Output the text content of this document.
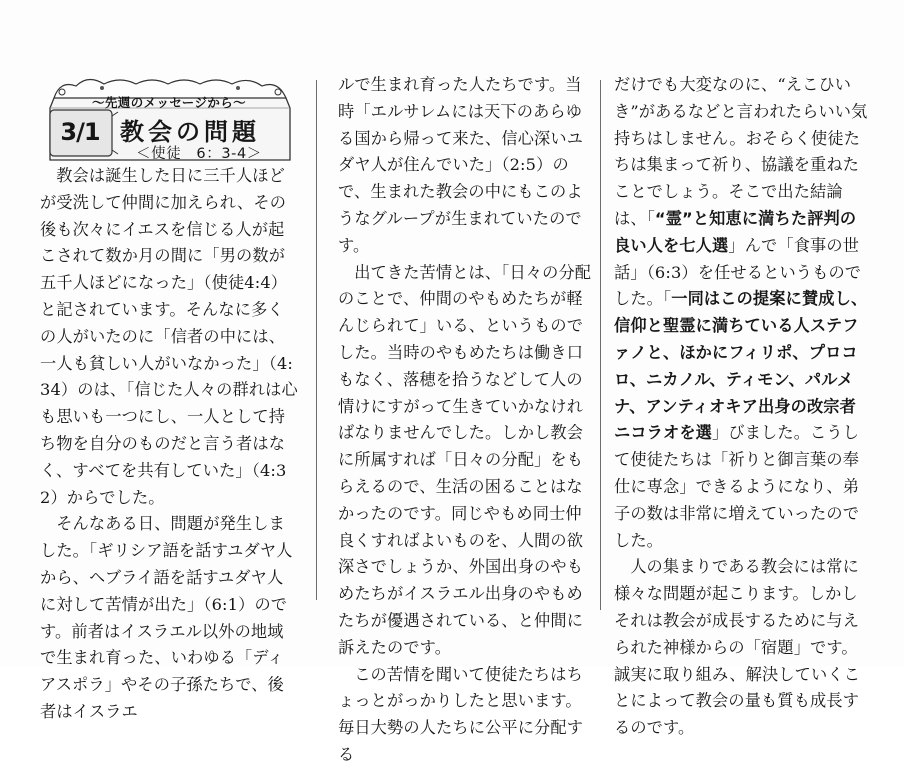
〜先週のメッセージから〜
3/1 教会の問題
＜使徒　6：3‐4＞

教会は誕生した日に三千人ほどが受洗して仲間に加えられ、その後も次々にイエスを信じる人が起こされて数か月の間に「男の数が五千人ほどになった」（使徒4:4）と記されています。そんなに多くの人がいたのに「信者の中には、一人も貧しい人がいなかった」（4:34）のは、「信じた人々の群れは心も思いも一つにし、一人として持ち物を自分のものだと言う者はなく、すべてを共有していた」（4:32）からでした。

そんなある日、問題が発生しました。「ギリシア語を話すユダヤ人から、ヘブライ語を話すユダヤ人に対して苦情が出た」（6:1）のです。前者はイスラエル以外の地域で生まれ育った、いわゆる「ディアスポラ」やその子孫たちで、後者はイスラエ

ルで生まれ育った人たちです。当時「エルサレムには天下のあらゆる国から帰って来た、信心深いユダヤ人が住んでいた」（2:5）ので、生まれた教会の中にもこのようなグループが生まれていたのです。

出てきた苦情とは、「日々の分配のことで、仲間のやもめたちが軽んじられて」いる、というものでした。当時のやもめたちは働き口もなく、落穂を拾うなどして人の情けにすがって生きていかなければなりませんでした。しかし教会に所属すれば「日々の分配」をもらえるので、生活の困ることはなかったのです。同じやもめ同士仲良くすればよいものを、人間の欲深さでしょうか、外国出身のやもめたちがイスラエル出身のやもめたちが優遇されている、と仲間に訴えたのです。

この苦情を聞いて使徒たちはちょっとがっかりしたと思います。毎日大勢の人たちに公平に分配する

だけでも大変なのに、“えこひいき”があるなどと言われたらいい気持ちはしません。おそらく使徒たちは集まって祈り、協議を重ねたことでしょう。そこで出た結論は、「“霊”と知恵に満ちた評判の良い人を七人選」んで「食事の世話」（6:3）を任せるというものでした。「一同はこの提案に賛成し、信仰と聖霊に満ちている人ステファノと、ほかにフィリポ、プロコロ、ニカノル、ティモン、パルメナ、アンティオキア出身の改宗者ニコラオを選」びました。こうして使徒たちは「祈りと御言葉の奉仕に専念」できるようになり、弟子の数は非常に増えていったのでした。

人の集まりである教会には常に様々な問題が起こります。しかしそれは教会が成長するために与えられた神様からの「宿題」です。誠実に取り組み、解決していくことによって教会の量も質も成長するのです。
